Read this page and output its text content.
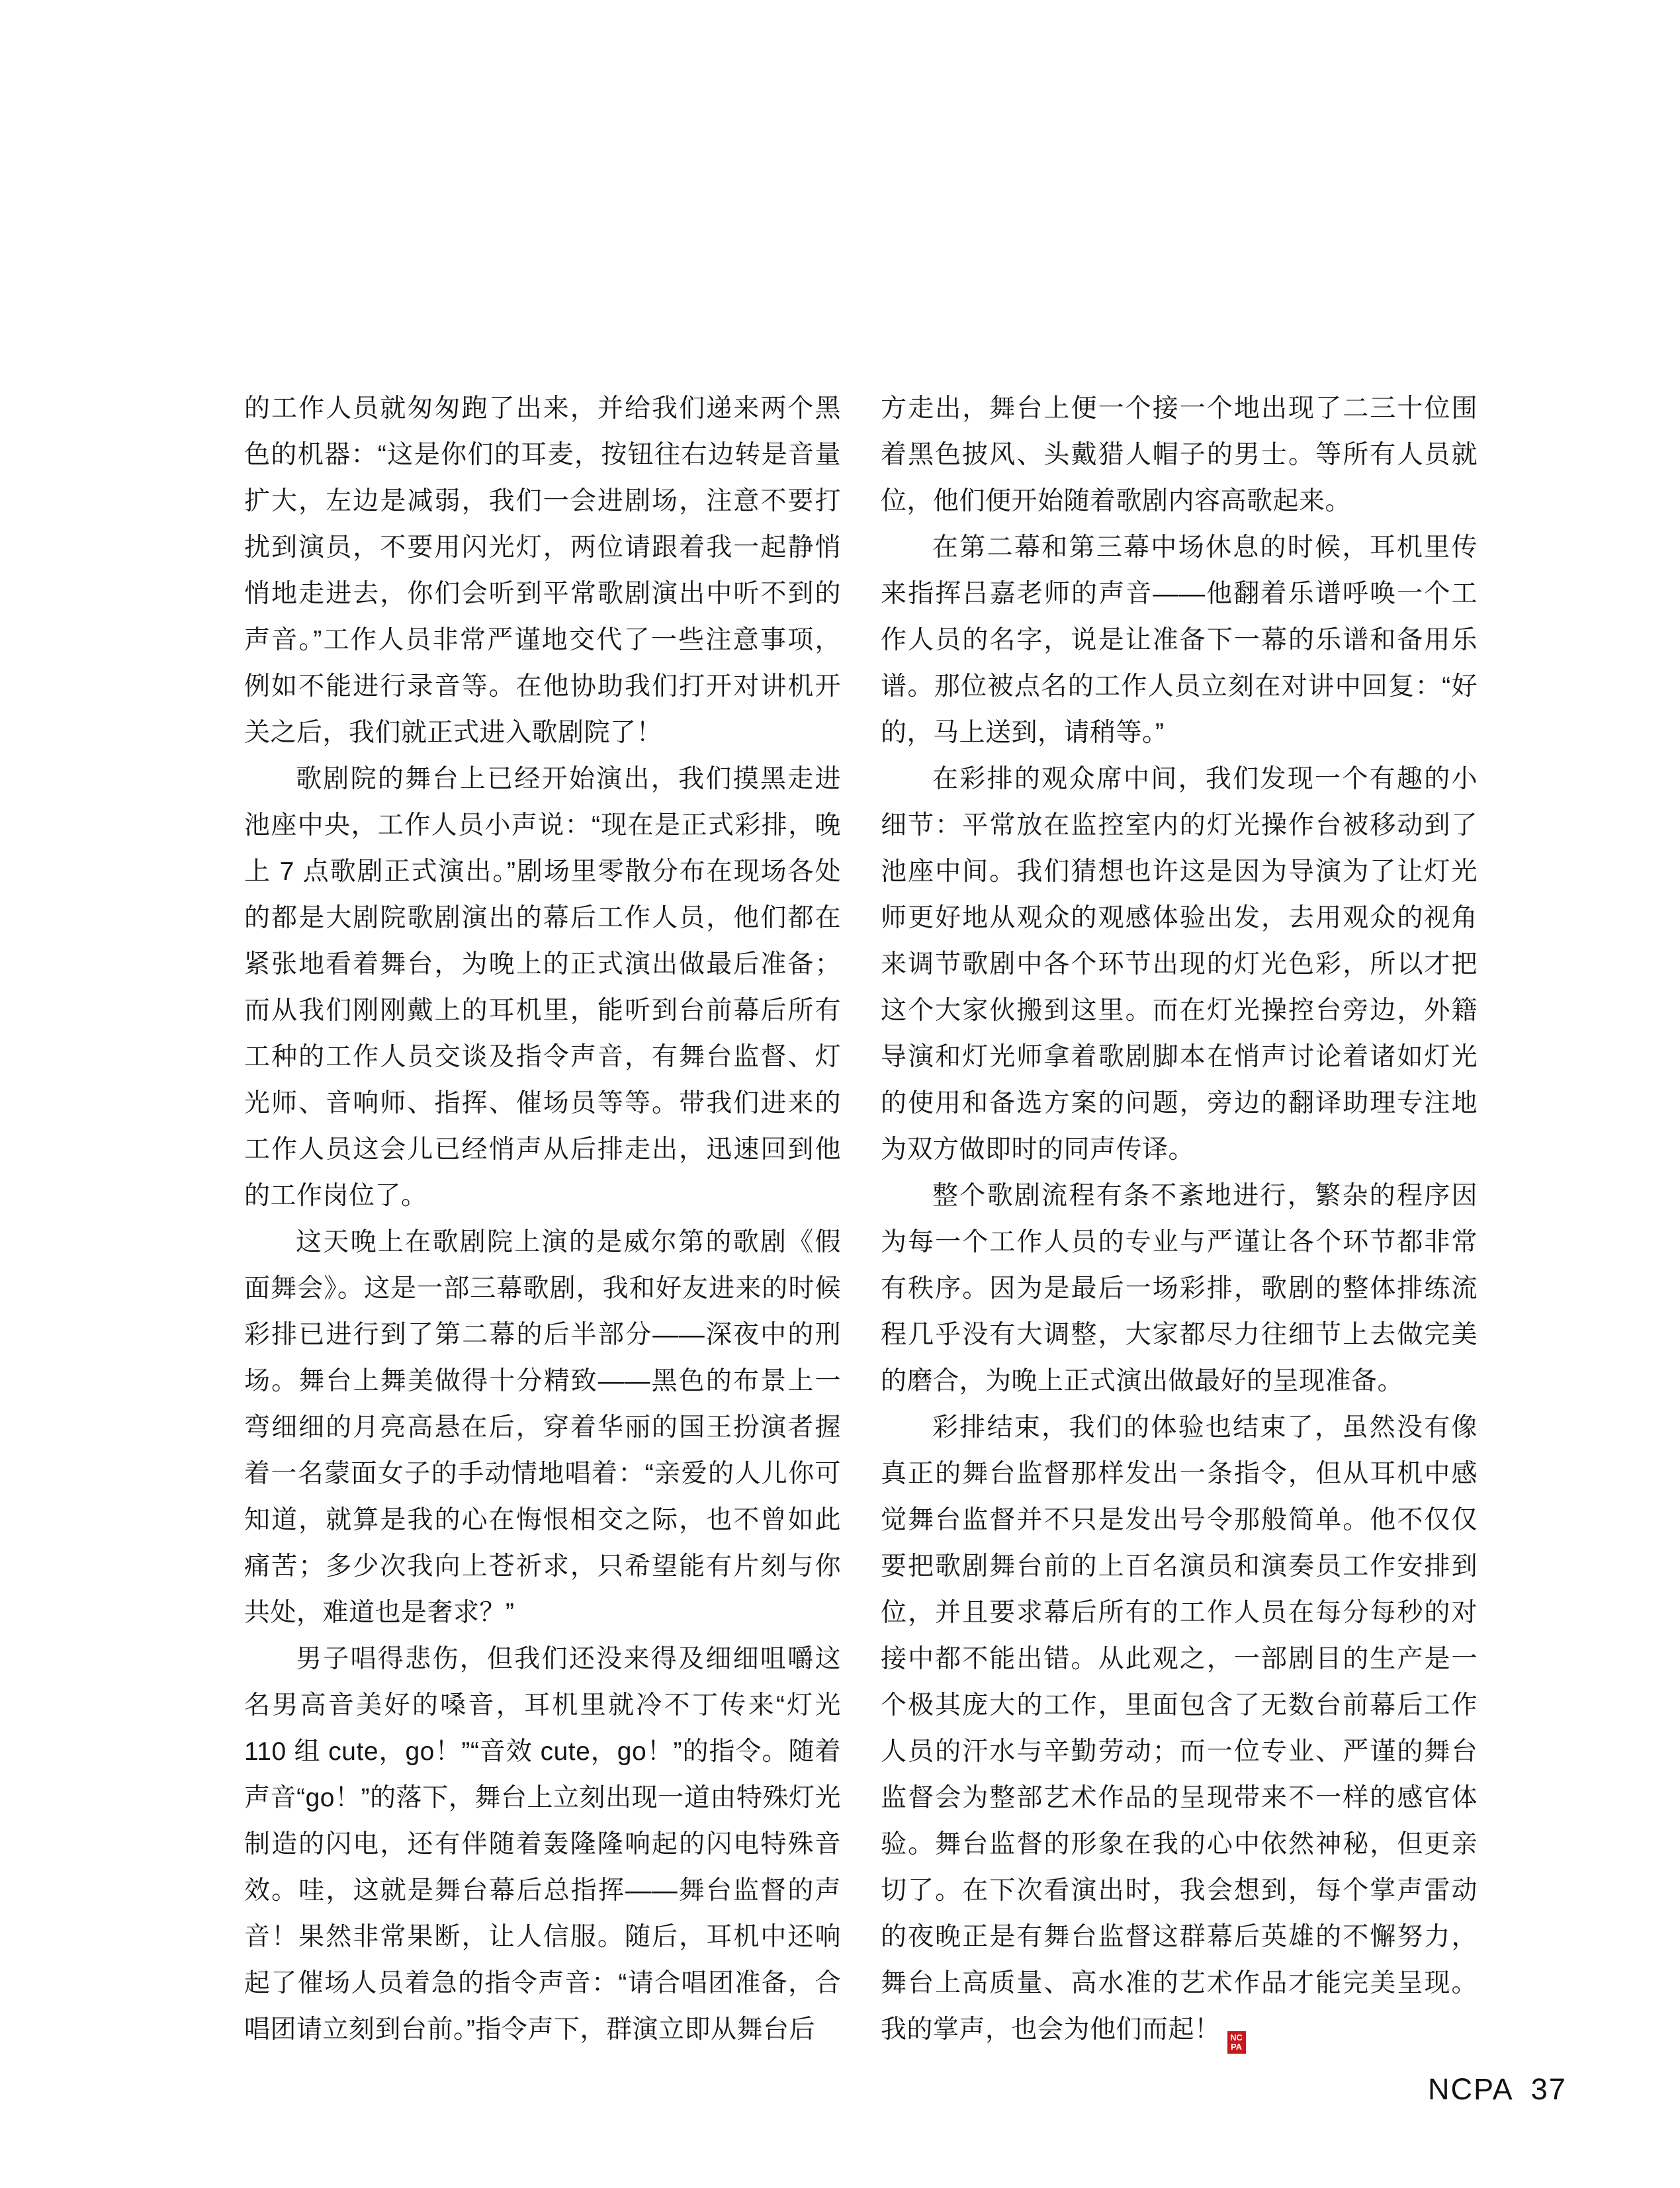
的工作人员就匆匆跑了出来，并给我们递来两个黑色的机器：“这是你们的耳麦，按钮往右边转是音量扩大，左边是减弱，我们一会进剧场，注意不要打扰到演员，不要用闪光灯，两位请跟着我一起静悄悄地走进去，你们会听到平常歌剧演出中听不到的声音。”工作人员非常严谨地交代了一些注意事项，例如不能进行录音等。在他协助我们打开对讲机开关之后，我们就正式进入歌剧院了！

歌剧院的舞台上已经开始演出，我们摸黑走进池座中央，工作人员小声说：“现在是正式彩排，晚上 7 点歌剧正式演出。”剧场里零散分布在现场各处的都是大剧院歌剧演出的幕后工作人员，他们都在紧张地看着舞台，为晚上的正式演出做最后准备；而从我们刚刚戴上的耳机里，能听到台前幕后所有工种的工作人员交谈及指令声音，有舞台监督、灯光师、音响师、指挥、催场员等等。带我们进来的工作人员这会儿已经悄声从后排走出，迅速回到他的工作岗位了。

这天晚上在歌剧院上演的是威尔第的歌剧《假面舞会》。这是一部三幕歌剧，我和好友进来的时候彩排已进行到了第二幕的后半部分——深夜中的刑场。舞台上舞美做得十分精致——黑色的布景上一弯细细的月亮高悬在后，穿着华丽的国王扮演者握着一名蒙面女子的手动情地唱着：“亲爱的人儿你可知道，就算是我的心在悔恨相交之际，也不曾如此痛苦；多少次我向上苍祈求，只希望能有片刻与你共处，难道也是奢求？”

男子唱得悲伤，但我们还没来得及细细咀嚼这名男高音美好的嗓音，耳机里就冷不丁传来“灯光 110 组 cute，go！”“音效 cute，go！”的指令。随着声音“go！”的落下，舞台上立刻出现一道由特殊灯光制造的闪电，还有伴随着轰隆隆响起的闪电特殊音效。哇，这就是舞台幕后总指挥——舞台监督的声音！果然非常果断，让人信服。随后，耳机中还响起了催场人员着急的指令声音：“请合唱团准备，合唱团请立刻到台前。”指令声下，群演立即从舞台后

方走出，舞台上便一个接一个地出现了二三十位围着黑色披风、头戴猎人帽子的男士。等所有人员就位，他们便开始随着歌剧内容高歌起来。

在第二幕和第三幕中场休息的时候，耳机里传来指挥吕嘉老师的声音——他翻着乐谱呼唤一个工作人员的名字，说是让准备下一幕的乐谱和备用乐谱。那位被点名的工作人员立刻在对讲中回复：“好的，马上送到，请稍等。”

在彩排的观众席中间，我们发现一个有趣的小细节：平常放在监控室内的灯光操作台被移动到了池座中间。我们猜想也许这是因为导演为了让灯光师更好地从观众的观感体验出发，去用观众的视角来调节歌剧中各个环节出现的灯光色彩，所以才把这个大家伙搬到这里。而在灯光操控台旁边，外籍导演和灯光师拿着歌剧脚本在悄声讨论着诸如灯光的使用和备选方案的问题，旁边的翻译助理专注地为双方做即时的同声传译。

整个歌剧流程有条不紊地进行，繁杂的程序因为每一个工作人员的专业与严谨让各个环节都非常有秩序。因为是最后一场彩排，歌剧的整体排练流程几乎没有大调整，大家都尽力往细节上去做完美的磨合，为晚上正式演出做最好的呈现准备。

彩排结束，我们的体验也结束了，虽然没有像真正的舞台监督那样发出一条指令，但从耳机中感觉舞台监督并不只是发出号令那般简单。他不仅仅要把歌剧舞台前的上百名演员和演奏员工作安排到位，并且要求幕后所有的工作人员在每分每秒的对接中都不能出错。从此观之，一部剧目的生产是一个极其庞大的工作，里面包含了无数台前幕后工作人员的汗水与辛勤劳动；而一位专业、严谨的舞台监督会为整部艺术作品的呈现带来不一样的感官体验。舞台监督的形象在我的心中依然神秘，但更亲切了。在下次看演出时，我会想到，每个掌声雷动的夜晚正是有舞台监督这群幕后英雄的不懈努力，舞台上高质量、高水准的艺术作品才能完美呈现。我的掌声，也会为他们而起！ NC
PA

NCPA 37
